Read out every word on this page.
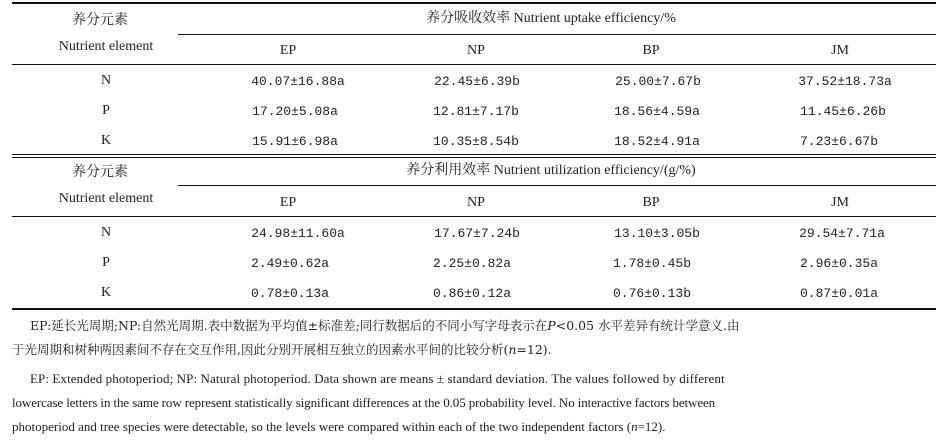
养分元素
Nutrient element
养分吸收效率 Nutrient uptake efficiency/%
EP	NP	BP	JM
N	40.07±16.88a	22.45±6.39b	25.00±7.67b	37.52±18.73a
P	17.20±5.08a	12.81±7.17b	18.56±4.59a	11.45±6.26b
K	15.91±6.98a	10.35±8.54b	18.52±4.91a	7.23±6.67b
养分元素
Nutrient element
养分利用效率 Nutrient utilization efficiency/(g/%)
EP	NP	BP	JM
N	24.98±11.60a	17.67±7.24b	13.10±3.05b	29.54±7.71a
P	2.49±0.62a	2.25±0.82a	1.78±0.45b	2.96±0.35a
K	0.78±0.13a	0.86±0.12a	0.76±0.13b	0.87±0.01a
EP:延长光周期;NP:自然光周期.表中数据为平均值±标准差;同行数据后的不同小写字母表示在P<0.05 水平差异有统计学意义.由
于光周期和树种两因素间不存在交互作用,因此分别开展相互独立的因素水平间的比较分析(n=12).
EP: Extended photoperiod; NP: Natural photoperiod. Data shown are means ± standard deviation. The values followed by different
lowercase letters in the same row represent statistically significant differences at the 0.05 probability level. No interactive factors between
photoperiod and tree species were detectable, so the levels were compared within each of the two independent factors (n=12).
